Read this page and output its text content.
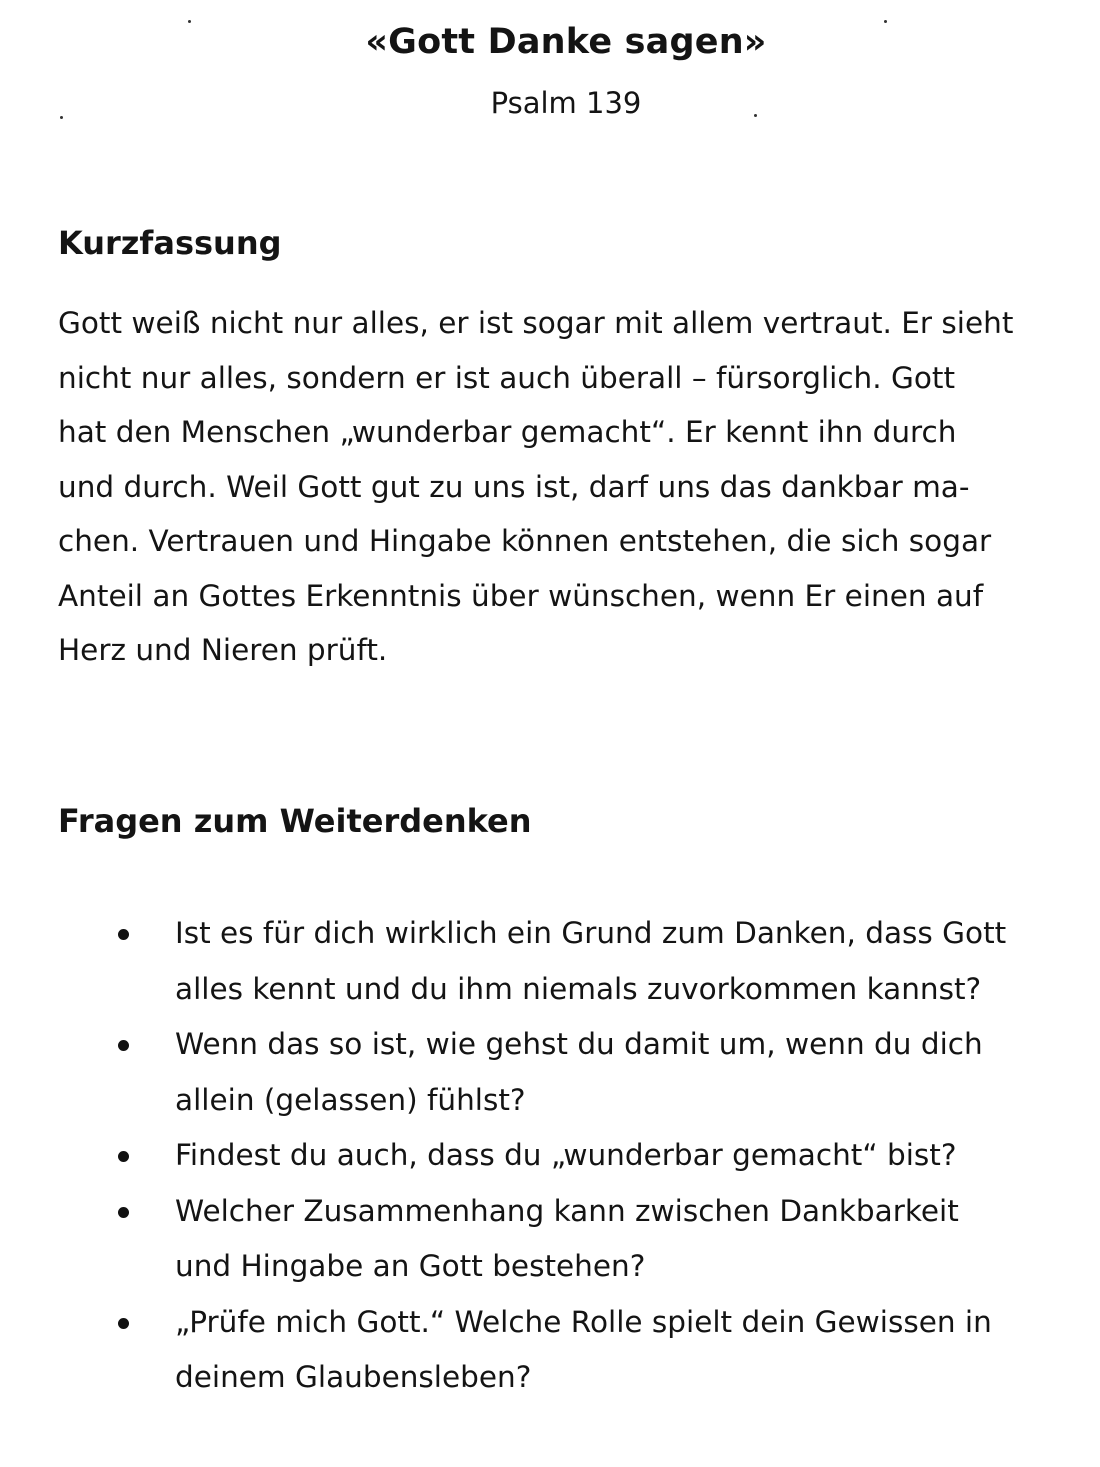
«Gott Danke sagen»
Psalm 139
Kurzfassung

Gott weiß nicht nur alles, er ist sogar mit allem vertraut. Er sieht
nicht nur alles, sondern er ist auch überall – fürsorglich. Gott
hat den Menschen „wunderbar gemacht“. Er kennt ihn durch
und durch. Weil Gott gut zu uns ist, darf uns das dankbar ma-
chen. Vertrauen und Hingabe können entstehen, die sich sogar
Anteil an Gottes Erkenntnis über wünschen, wenn Er einen auf
Herz und Nieren prüft.

Fragen zum Weiterdenken
Ist es für dich wirklich ein Grund zum Danken, dass Gott
alles kennt und du ihm niemals zuvorkommen kannst?
Wenn das so ist, wie gehst du damit um, wenn du dich
allein (gelassen) fühlst?
Findest du auch, dass du „wunderbar gemacht“ bist?
Welcher Zusammenhang kann zwischen Dankbarkeit
und Hingabe an Gott bestehen?
„Prüfe mich Gott.“ Welche Rolle spielt dein Gewissen in
deinem Glaubensleben?
